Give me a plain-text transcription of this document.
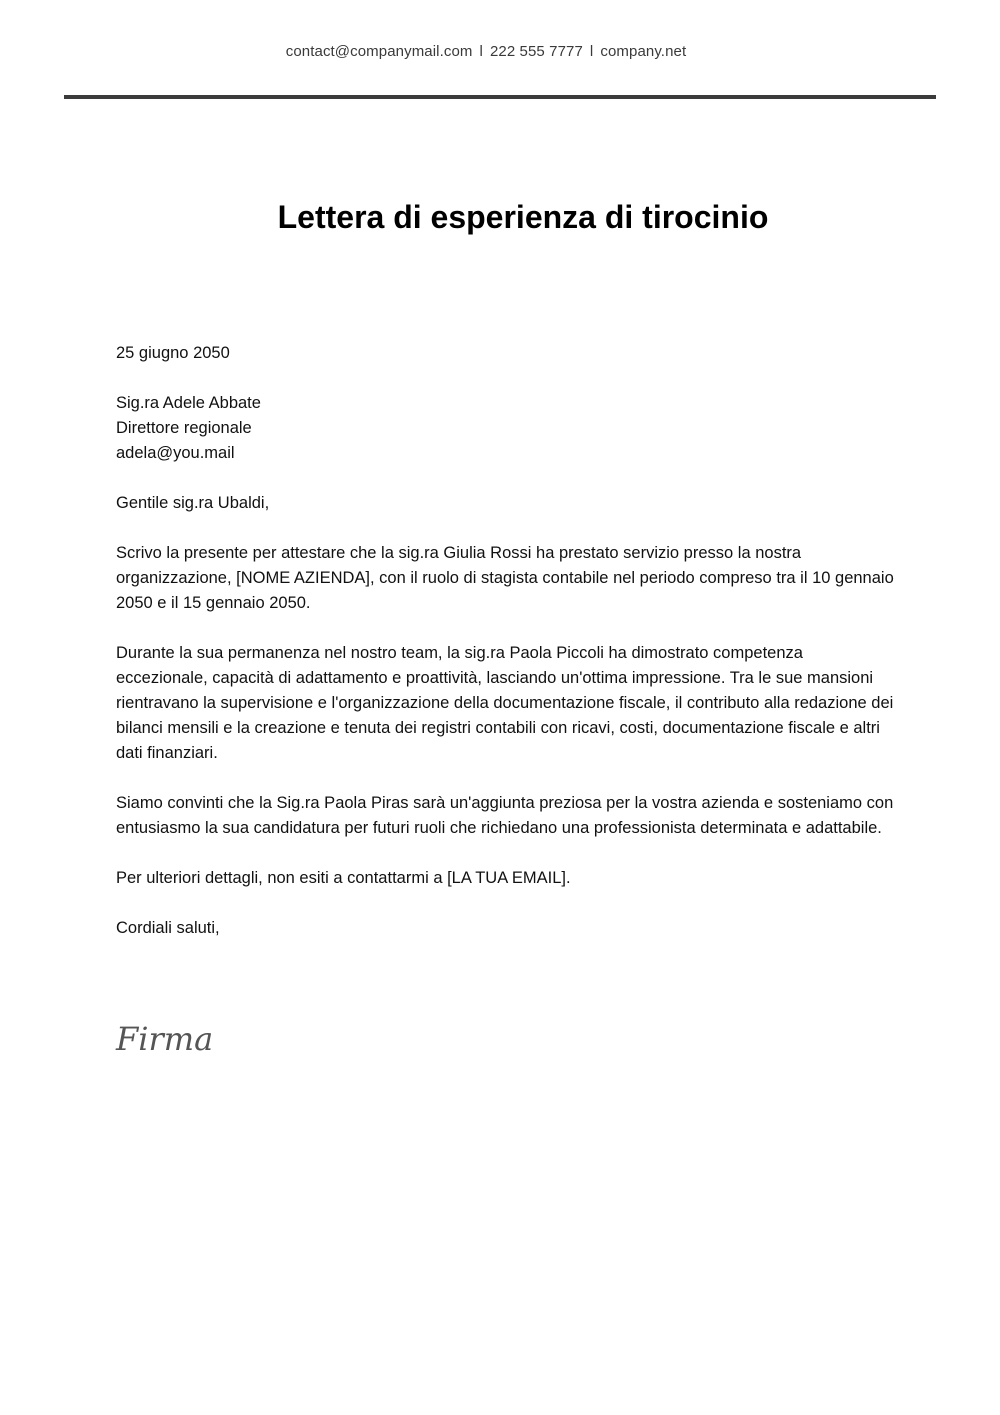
contact@companymail.com l 222 555 7777 l company.net
Lettera di esperienza di tirocinio

25 giugno 2050

Sig.ra Adele Abbate
Direttore regionale
adela@you.mail

Gentile sig.ra Ubaldi,

Scrivo la presente per attestare che la sig.ra Giulia Rossi ha prestato servizio presso la nostra organizzazione, [NOME AZIENDA], con il ruolo di stagista contabile nel periodo compreso tra il 10 gennaio 2050 e il 15 gennaio 2050.

Durante la sua permanenza nel nostro team, la sig.ra Paola Piccoli ha dimostrato competenza eccezionale, capacità di adattamento e proattività, lasciando un'ottima impressione. Tra le sue mansioni rientravano la supervisione e l'organizzazione della documentazione fiscale, il contributo alla redazione dei bilanci mensili e la creazione e tenuta dei registri contabili con ricavi, costi, documentazione fiscale e altri dati finanziari.

Siamo convinti che la Sig.ra Paola Piras sarà un'aggiunta preziosa per la vostra azienda e sosteniamo con entusiasmo la sua candidatura per futuri ruoli che richiedano una professionista determinata e adattabile.

Per ulteriori dettagli, non esiti a contattarmi a [LA TUA EMAIL].

Cordiali saluti,

Firma
